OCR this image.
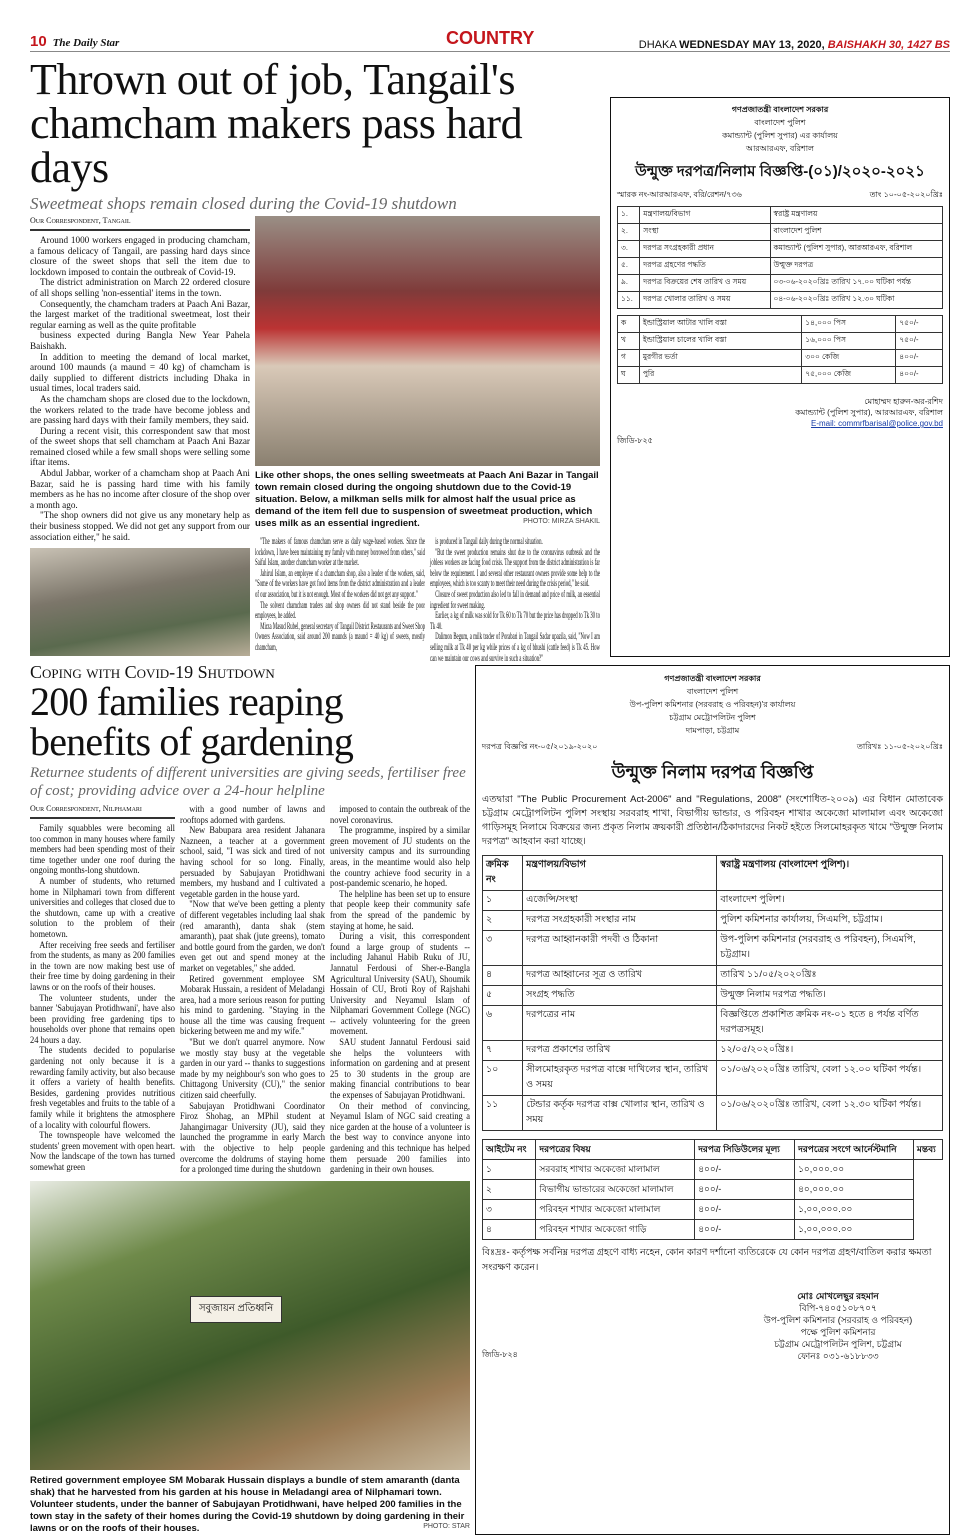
10 The Daily Star	COUNTRY	DHAKA WEDNESDAY MAY 13, 2020, BAISHAKH 30, 1427 BS
Thrown out of job, Tangail's chamcham makers pass hard days
Sweetmeat shops remain closed during the Covid-19 shutdown
Our Correspondent, Tangail

Around 1000 workers engaged in producing chamcham, a famous delicacy of Tangail, are passing hard days since closure of the sweet shops that sell the item due to lockdown imposed to contain the outbreak of Covid-19.

The district administration on March 22 ordered closure of all shops selling 'non-essential' items in the town.

Consequently, the chamcham traders at Paach Ani Bazar, the largest market of the traditional sweetmeat, lost their regular earning as well as the quite profitable

business expected during Bangla New Year Pahela Baishakh.

In addition to meeting the demand of local market, around 100 maunds (a maund = 40 kg) of chamcham is daily supplied to different districts including Dhaka in usual times, local traders said.

As the chamcham shops are closed due to the lockdown, the workers related to the trade have become jobless and are passing hard days with their family members, they said.

During a recent visit, this correspondent saw that most of the sweet shops that sell chamcham at Paach Ani Bazar remained closed while a few small shops were selling some iftar items.

Abdul Jabbar, worker of a chamcham shop at Paach Ani Bazar, said he is passing hard time with his family members as he has no income after closure of the shop over a month ago.

"The shop owners did not give us any monetary help as their business stopped. We did not get any support from our association either," he said.

Like other shops, the ones selling sweetmeats at Paach Ani Bazar in Tangail town remain closed during the ongoing shutdown due to the Covid-19 situation. Below, a milkman sells milk for almost half the usual price as demand of the item fell due to suspension of sweetmeat production, which uses milk as an essential ingredient.	PHOTO: MIRZA SHAKIL

"The makers of famous chamcham serve as daily wage-based workers. Since the lockdown, I have been maintaining my family with money borrowed from others," said Saiful Islam, another chamcham worker at the market.

Jahirul Islam, an employee of a chamcham shop, also a leader of the workers, said, "Some of the workers have got food items from the district administration and a leader of our association, but it is not enough. Most of the workers did not get any support."

The solvent chamcham traders and shop owners did not stand beside the poor employees, he added.

Mirza Masud Rubel, general secretary of Tangail District Restaurants and Sweet Shop Owners Association, said around 200 maunds (a maund = 40 kg) of sweets, mostly chamcham,

is produced in Tangail daily during the normal situation.

"But the sweet production remains shut due to the coronavirus outbreak and the jobless workers are facing food crisis. The support from the district administration is far below the requirement. I and several other restaurant owners provide some help to the employees, which is too scanty to meet their need during the crisis period," he said.

Closure of sweet production also led to fall in demand and price of milk, an essential ingredient for sweet making.

Earlier, a kg of milk was sold for Tk 60 to Tk 70 but the price has dropped to Tk 30 to Tk 40.

Dalimon Begum, a milk trader of Porabari in Tangail Sadar upazila, said, "Now I am selling milk at Tk 40 per kg while prices of a kg of bhushi (cattle feed) is Tk 45. How can we maintain our cows and survive in such a situation?"

গণপ্রজাতন্ত্রী বাংলাদেশ সরকার
বাংলাদেশ পুলিশ
কমান্ড্যান্ট (পুলিশ সুপার) এর কার্যালয়
আরআরএফ, বরিশাল
উন্মুক্ত দরপত্র/নিলাম বিজ্ঞপ্তি-(০১)/২০২০-২০২১
স্মারক নং-আরআরএফ, বরি/রেশন/৭৩৬	তাং ১০-০৫-২০২০খ্রিঃ
১.	মন্ত্রণালয়/বিভাগ	স্বরাষ্ট্র মন্ত্রণালয়
২.	সংস্থা	বাংলাদেশ পুলিশ
৩.	দরপত্র সংগ্রহকারী প্রধান	কমান্ড্যান্ট (পুলিশ সুপার), আরআরএফ, বরিশাল
৫.	দরপত্র গ্রহণের পদ্ধতি	উন্মুক্ত দরপত্র
৯.	দরপত্র বিক্রয়ের শেষ তারিখ ও সময়	০৩-০৬-২০২০খ্রিঃ তারিখ ১৭.০০ ঘটিকা পর্যন্ত
১১.	দরপত্র খোলার তারিখ ও সময়	০৪-০৬-২০২০খ্রিঃ তারিখ ১২.৩০ ঘটিকা
ক	ইন্ডাস্ট্রিয়াল আটার খালি বস্তা	১৪,০০০ পিস	৭৫০/-
খ	ইন্ডাস্ট্রিয়াল চালের খালি বস্তা	১৬,০০০ পিস	৭৫০/-
গ	মুরগীর ভর্তা	৩০০ কেজি	৪০০/-
ঘ	পুরি	৭৫,০০০ কেজি	৪০০/-
মোহাম্মদ হারুন-অর-রশিদ
কমান্ড্যান্ট (পুলিশ সুপার), আরআরএফ, বরিশাল
E-mail: commrfbarisal@police.gov.bd
জিডি-৮২৫
Coping with Covid-19 Shutdown
200 families reaping benefits of gardening
Returnee students of different universities are giving seeds, fertiliser free of cost; providing advice over a 24-hour helpline
Our Correspondent, Nilphamari

Family squabbles were becoming all too common in many houses where family members had been spending most of their time together under one roof during the ongoing months-long shutdown.

A number of students, who returned home in Nilphamari town from different universities and colleges that closed due to the shutdown, came up with a creative solution to the problem of their hometown.

After receiving free seeds and fertiliser from the students, as many as 200 families in the town are now making best use of their free time by doing gardening in their lawns or on the roofs of their houses.

The volunteer students, under the banner 'Sabujayan Protidhwani', have also been providing free gardening tips to households over phone that remains open 24 hours a day.

The students decided to popularise gardening not only because it is a rewarding family activity, but also because it offers a variety of health benefits. Besides, gardening provides nutritious fresh vegetables and fruits to the table of a family while it brightens the atmosphere of a locality with colourful flowers.

The townspeople have welcomed the students' green movement with open heart. Now the landscape of the town has turned somewhat green

with a good number of lawns and rooftops adorned with gardens.

New Babupara area resident Jahanara Nazneen, a teacher at a government school, said, "I was sick and tired of not having school for so long. Finally, persuaded by Sabujayan Protidhwani members, my husband and I cultivated a vegetable garden in the house yard.

"Now that we've been getting a plenty of different vegetables including laal shak (red amaranth), danta shak (stem amaranth), paat shak (jute greens), tomato and bottle gourd from the garden, we don't even get out and spend money at the market on vegetables," she added.

Retired government employee SM Mobarak Hussain, a resident of Meladangi area, had a more serious reason for putting his mind to gardening. "Staying in the house all the time was causing frequent bickering between me and my wife."

"But we don't quarrel anymore. Now we mostly stay busy at the vegetable garden in our yard -- thanks to suggestions made by my neighbour's son who goes to Chittagong University (CU)," the senior citizen said cheerfully.

Sabujayan Protidhwani Coordinator Firoz Shohag, an MPhil student at Jahangirnagar University (JU), said they launched the programme in early March with the objective to help people overcome the doldrums of staying home for a prolonged time during the shutdown

imposed to contain the outbreak of the novel coronavirus.

The programme, inspired by a similar green movement of JU students on the university campus and its surrounding areas, in the meantime would also help the country achieve food security in a post-pandemic scenario, he hoped.

The helpline has been set up to ensure that people keep their community safe from the spread of the pandemic by staying at home, he said.

During a visit, this correspondent found a large group of students -- including Jahanul Habib Ruku of JU, Jannatul Ferdousi of Sher-e-Bangla Agricultural University (SAU), Shoumik Hossain of CU, Broti Roy of Rajshahi University and Neyamul Islam of Nilphamari Government College (NGC) -- actively volunteering for the green movement.

SAU student Jannatul Ferdousi said she helps the volunteers with information on gardening and at present 25 to 30 students in the group are making financial contributions to bear the expenses of Sabujayan Protidhwani.

On their method of convincing, Neyamul Islam of NGC said creating a nice garden at the house of a volunteer is the best way to convince anyone into gardening and this technique has helped them persuade 200 families into gardening in their own houses.

সবুজায়ন প্রতিধ্বনি
Retired government employee SM Mobarak Hussain displays a bundle of stem amaranth (danta shak) that he harvested from his garden at his house in Meladangi area of Nilphamari town. Volunteer students, under the banner of Sabujayan Protidhwani, have helped 200 families in the town stay in the safety of their homes during the Covid-19 shutdown by doing gardening in their lawns or on the roofs of their houses.	PHOTO: STAR
গণপ্রজাতন্ত্রী বাংলাদেশ সরকার
বাংলাদেশ পুলিশ
উপ-পুলিশ কমিশনার (সরবরাহ ও পরিবহন)'র কার্যালয়
চট্টগ্রাম মেট্রোপলিটন পুলিশ
দামপাড়া, চট্টগ্রাম
দরপত্র বিজ্ঞপ্তি নং-০৫/২০১৯-২০২০	তারিখঃ ১১-০৫-২০২০খ্রিঃ
উন্মুক্ত নিলাম দরপত্র বিজ্ঞপ্তি
এতদ্বারা "The Public Procurement Act-2006" and "Regulations, 2008" (সংশোধিত-২০০৯) এর বিধান মোতাবেক চট্টগ্রাম মেট্রোপলিটন পুলিশ সংস্থায় সরবরাহ শাখা, বিভাগীয় ভান্ডার, ও পরিবহন শাখার অকেজো মালামাল এবং অকেজো গাড়িসমূহ নিলামে বিক্রয়ের জন্য প্রকৃত নিলাম ক্রয়কারী প্রতিষ্ঠান/ঠিকাদারদের নিকট হইতে সিলমোহরকৃত খামে "উন্মুক্ত নিলাম দরপত্র" আহবান করা যাচ্ছে।
ক্রমিক নং	মন্ত্রণালয়/বিভাগ	স্বরাষ্ট্র মন্ত্রণালয় (বাংলাদেশ পুলিশ)।
১	এজেন্সি/সংস্থা	বাংলাদেশ পুলিশ।
২	দরপত্র সংগ্রহকারী সংস্থার নাম	পুলিশ কমিশনার কার্যালয়, সিএমপি, চট্টগ্রাম।
৩	দরপত্র আহ্বানকারী পদবী ও ঠিকানা	উপ-পুলিশ কমিশনার (সরবরাহ ও পরিবহন), সিএমপি, চট্টগ্রাম।
৪	দরপত্র আহ্বানের সূত্র ও তারিখ	তারিখ ১১/০৫/২০২০খ্রিঃ
৫	সংগ্রহ পদ্ধতি	উন্মুক্ত নিলাম দরপত্র পদ্ধতি।
৬	দরপত্রের নাম	বিজ্ঞপ্তিতে প্রকাশিত ক্রমিক নং-০১ হতে ৪ পর্যন্ত বর্ণিত দরপত্রসমূহ।
৭	দরপত্র প্রকাশের তারিখ	১২/০৫/২০২০খ্রিঃ।
১০	সীলমোহরকৃত দরপত্র বাক্সে দাখিলের স্থান, তারিখ ও সময়	০১/০৬/২০২০খ্রিঃ তারিখ, বেলা ১২.০০ ঘটিকা পর্যন্ত।
১১	টেন্ডার কর্তৃক দরপত্র বাক্স খোলার স্থান, তারিখ ও সময়	০১/০৬/২০২০খ্রিঃ তারিখ, বেলা ১২.৩০ ঘটিকা পর্যন্ত।
আইটেম নং	দরপত্রের বিষয়	দরপত্র সিডিউলের মূল্য	দরপত্রের সংগে আর্নেস্টমানি	মন্তব্য
১	সরবরাহ শাখার অকেজো মালামাল	৪০০/-	১০,০০০.০০	
২	বিভাগীয় ভান্ডারের অকেজো মালামাল	৪০০/-	৪০,০০০.০০	
৩	পরিবহন শাখার অকেজো মালামাল	৪০০/-	১,০০,০০০.০০	
৪	পরিবহন শাখার অকেজো গাড়ি	৪০০/-	১,০০,০০০.০০	
বিঃদ্রঃ- কর্তৃপক্ষ সর্বনিম্ন দরপত্র গ্রহণে বাধ্য নহেন, কোন কারণ দর্শানো ব্যতিরেকে যে কোন দরপত্র গ্রহণ/বাতিল করার ক্ষমতা সংরক্ষণ করেন।
জিডি-৮২৪
মোঃ মোখলেছুর রহমান
বিপি-৭৪০৫১০৮৭০৭
উপ-পুলিশ কমিশনার (সরবরাহ ও পরিবহন)
পক্ষে পুলিশ কমিশনার
চট্টগ্রাম মেট্রোপলিটন পুলিশ, চট্টগ্রাম
ফোনঃ ০৩১-৬১৮৮৩৩
